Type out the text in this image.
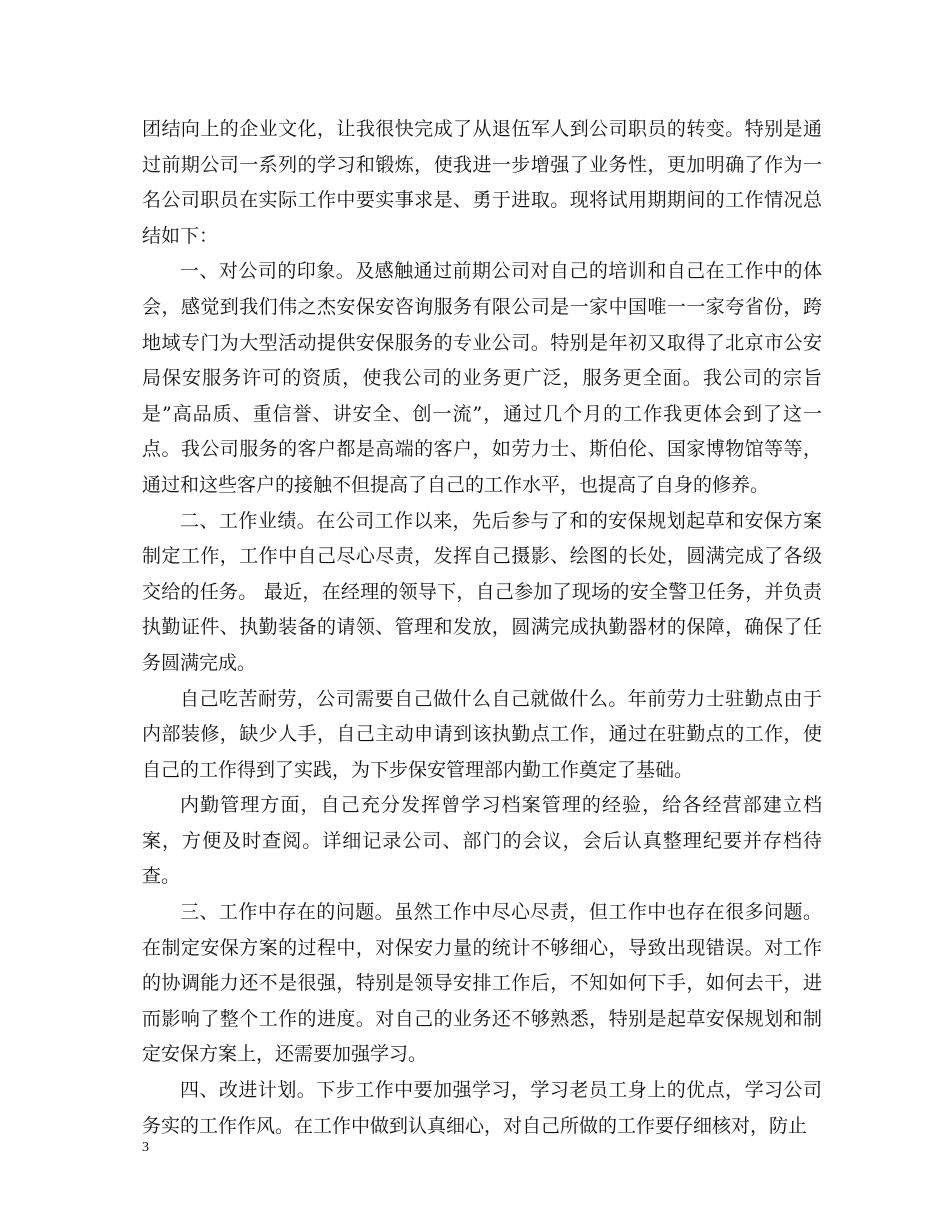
团结向上的企业文化，让我很快完成了从退伍军人到公司职员的转变。特别是通过前期公司一系列的学习和锻炼，使我进一步增强了业务性，更加明确了作为一名公司职员在实际工作中要实事求是、勇于进取。现将试用期期间的工作情况总结如下：

一、对公司的印象。及感触通过前期公司对自己的培训和自己在工作中的体会，感觉到我们伟之杰安保安咨询服务有限公司是一家中国唯一一家夸省份，跨地域专门为大型活动提供安保服务的专业公司。特别是年初又取得了北京市公安局保安服务许可的资质，使我公司的业务更广泛，服务更全面。我公司的宗旨是”高品质、重信誉、讲安全、创一流”，通过几个月的工作我更体会到了这一点。我公司服务的客户都是高端的客户，如劳力士、斯伯伦、国家博物馆等等，通过和这些客户的接触不但提高了自己的工作水平，也提高了自身的修养。

二、工作业绩。在公司工作以来，先后参与了和的安保规划起草和安保方案制定工作，工作中自己尽心尽责，发挥自己摄影、绘图的长处，圆满完成了各级交给的任务。 最近，在经理的领导下，自己参加了现场的安全警卫任务，并负责执勤证件、执勤装备的请领、管理和发放，圆满完成执勤器材的保障，确保了任务圆满完成。

自己吃苦耐劳，公司需要自己做什么自己就做什么。年前劳力士驻勤点由于内部装修，缺少人手，自己主动申请到该执勤点工作，通过在驻勤点的工作，使自己的工作得到了实践，为下步保安管理部内勤工作奠定了基础。

内勤管理方面，自己充分发挥曾学习档案管理的经验，给各经营部建立档案，方便及时查阅。详细记录公司、部门的会议，会后认真整理纪要并存档待查。

三、工作中存在的问题。虽然工作中尽心尽责，但工作中也存在很多问题。在制定安保方案的过程中，对保安力量的统计不够细心，导致出现错误。对工作的协调能力还不是很强，特别是领导安排工作后，不知如何下手，如何去干，进而影响了整个工作的进度。对自己的业务还不够熟悉，特别是起草安保规划和制定安保方案上，还需要加强学习。

四、改进计划。下步工作中要加强学习，学习老员工身上的优点，学习公司务实的工作作风。在工作中做到认真细心，对自己所做的工作要仔细核对，防止

3
